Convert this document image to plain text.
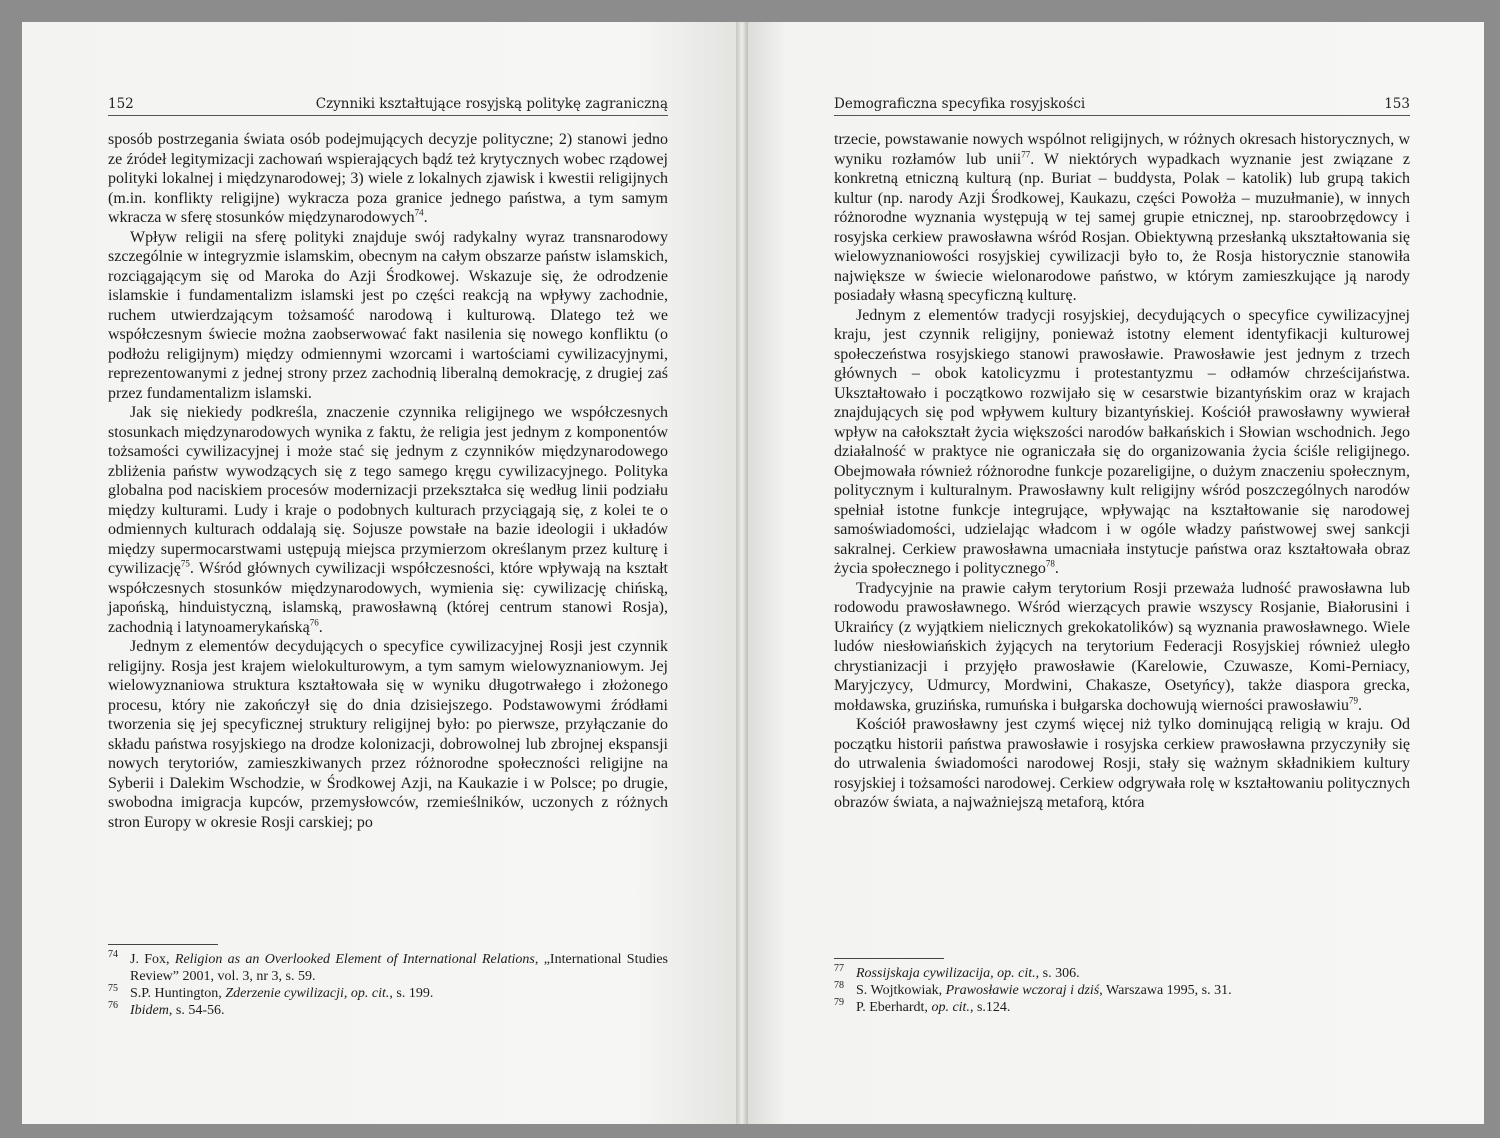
152	Czynniki kształtujące rosyjską politykę zagraniczną

sposób postrzegania świata osób podejmujących decyzje polityczne; 2) stanowi jedno ze źródeł legitymizacji zachowań wspierających bądź też krytycznych wobec rządowej polityki lokalnej i międzynarodowej; 3) wiele z lokalnych zjawisk i kwestii religijnych (m.in. konflikty religijne) wykracza poza granice jednego państwa, a tym samym wkracza w sferę stosunków międzynarodowych$^{74}$.

Wpływ religii na sferę polityki znajduje swój radykalny wyraz transnarodowy szczególnie w integryzmie islamskim, obecnym na całym obszarze państw islamskich, rozciągającym się od Maroka do Azji Środkowej. Wskazuje się, że odrodzenie islamskie i fundamentalizm islamski jest po części reakcją na wpływy zachodnie, ruchem utwierdzającym tożsamość narodową i kulturową. Dlatego też we współczesnym świecie można zaobserwować fakt nasilenia się nowego konfliktu (o podłożu religijnym) między odmiennymi wzorcami i wartościami cywilizacyjnymi, reprezentowanymi z jednej strony przez zachodnią liberalną demokrację, z drugiej zaś przez fundamentalizm islamski.

Jak się niekiedy podkreśla, znaczenie czynnika religijnego we współczesnych stosunkach międzynarodowych wynika z faktu, że religia jest jednym z komponentów tożsamości cywilizacyjnej i może stać się jednym z czynników międzynarodowego zbliżenia państw wywodzących się z tego samego kręgu cywilizacyjnego. Polityka globalna pod naciskiem procesów modernizacji przekształca się według linii podziału między kulturami. Ludy i kraje o podobnych kulturach przyciągają się, z kolei te o odmiennych kulturach oddalają się. Sojusze powstałe na bazie ideologii i układów między supermocarstwami ustępują miejsca przymierzom określanym przez kulturę i cywilizację$^{75}$. Wśród głównych cywilizacji współczesności, które wpływają na kształt współczesnych stosunków międzynarodowych, wymienia się: cywilizację chińską, japońską, hinduistyczną, islamską, prawosławną (której centrum stanowi Rosja), zachodnią i latynoamerykańską$^{76}$.

Jednym z elementów decydujących o specyfice cywilizacyjnej Rosji jest czynnik religijny. Rosja jest krajem wielokulturowym, a tym samym wielowyznaniowym. Jej wielowyznaniowa struktura kształtowała się w wyniku długotrwałego i złożonego procesu, który nie zakończył się do dnia dzisiejszego. Podstawowymi źródłami tworzenia się jej specyficznej struktury religijnej było: po pierwsze, przyłączanie do składu państwa rosyjskiego na drodze kolonizacji, dobrowolnej lub zbrojnej ekspansji nowych terytoriów, zamieszkiwanych przez różnorodne społeczności religijne na Syberii i Dalekim Wschodzie, w Środkowej Azji, na Kaukazie i w Polsce; po drugie, swobodna imigracja kupców, przemysłowców, rzemieślników, uczonych z różnych stron Europy w okresie Rosji carskiej; po

74 J. Fox, Religion as an Overlooked Element of International Relations, „International Studies Review” 2001, vol. 3, nr 3, s. 59.
75 S.P. Huntington, Zderzenie cywilizacji, op. cit., s. 199.
76 Ibidem, s. 54-56.
Demograficzna specyfika rosyjskości	153

trzecie, powstawanie nowych wspólnot religijnych, w różnych okresach historycznych, w wyniku rozłamów lub unii$^{77}$. W niektórych wypadkach wyznanie jest związane z konkretną etniczną kulturą (np. Buriat – buddysta, Polak – katolik) lub grupą takich kultur (np. narody Azji Środkowej, Kaukazu, części Powołża – muzułmanie), w innych różnorodne wyznania występują w tej samej grupie etnicznej, np. staroobrzędowcy i rosyjska cerkiew prawosławna wśród Rosjan. Obiektywną przesłanką ukształtowania się wielowyznaniowości rosyjskiej cywilizacji było to, że Rosja historycznie stanowiła największe w świecie wielonarodowe państwo, w którym zamieszkujące ją narody posiadały własną specyficzną kulturę.

Jednym z elementów tradycji rosyjskiej, decydujących o specyfice cywilizacyjnej kraju, jest czynnik religijny, ponieważ istotny element identyfikacji kulturowej społeczeństwa rosyjskiego stanowi prawosławie. Prawosławie jest jednym z trzech głównych – obok katolicyzmu i protestantyzmu – odłamów chrześcijaństwa. Ukształtowało i początkowo rozwijało się w cesarstwie bizantyńskim oraz w krajach znajdujących się pod wpływem kultury bizantyńskiej. Kościół prawosławny wywierał wpływ na całokształt życia większości narodów bałkańskich i Słowian wschodnich. Jego działalność w praktyce nie ograniczała się do organizowania życia ściśle religijnego. Obejmowała również różnorodne funkcje pozareligijne, o dużym znaczeniu społecznym, politycznym i kulturalnym. Prawosławny kult religijny wśród poszczególnych narodów spełniał istotne funkcje integrujące, wpływając na kształtowanie się narodowej samoświadomości, udzielając władcom i w ogóle władzy państwowej swej sankcji sakralnej. Cerkiew prawosławna umacniała instytucje państwa oraz kształtowała obraz życia społecznego i politycznego$^{78}$.

Tradycyjnie na prawie całym terytorium Rosji przeważa ludność prawosławna lub rodowodu prawosławnego. Wśród wierzących prawie wszyscy Rosjanie, Białorusini i Ukraińcy (z wyjątkiem nielicznych grekokatolików) są wyznania prawosławnego. Wiele ludów niesłowiańskich żyjących na terytorium Federacji Rosyjskiej również uległo chrystianizacji i przyjęło prawosławie (Karelowie, Czuwasze, Komi-Perniacy, Maryjczycy, Udmurcy, Mordwini, Chakasze, Osetyńcy), także diaspora grecka, mołdawska, gruzińska, rumuńska i bułgarska dochowują wierności prawosławiu$^{79}$.

Kościół prawosławny jest czymś więcej niż tylko dominującą religią w kraju. Od początku historii państwa prawosławie i rosyjska cerkiew prawosławna przyczyniły się do utrwalenia świadomości narodowej Rosji, stały się ważnym składnikiem kultury rosyjskiej i tożsamości narodowej. Cerkiew odgrywała rolę w kształtowaniu politycznych obrazów świata, a najważniejszą metaforą, która

77 Rossijskaja cywilizacija, op. cit., s. 306.
78 S. Wojtkowiak, Prawosławie wczoraj i dziś, Warszawa 1995, s. 31.
79 P. Eberhardt, op. cit., s.124.
